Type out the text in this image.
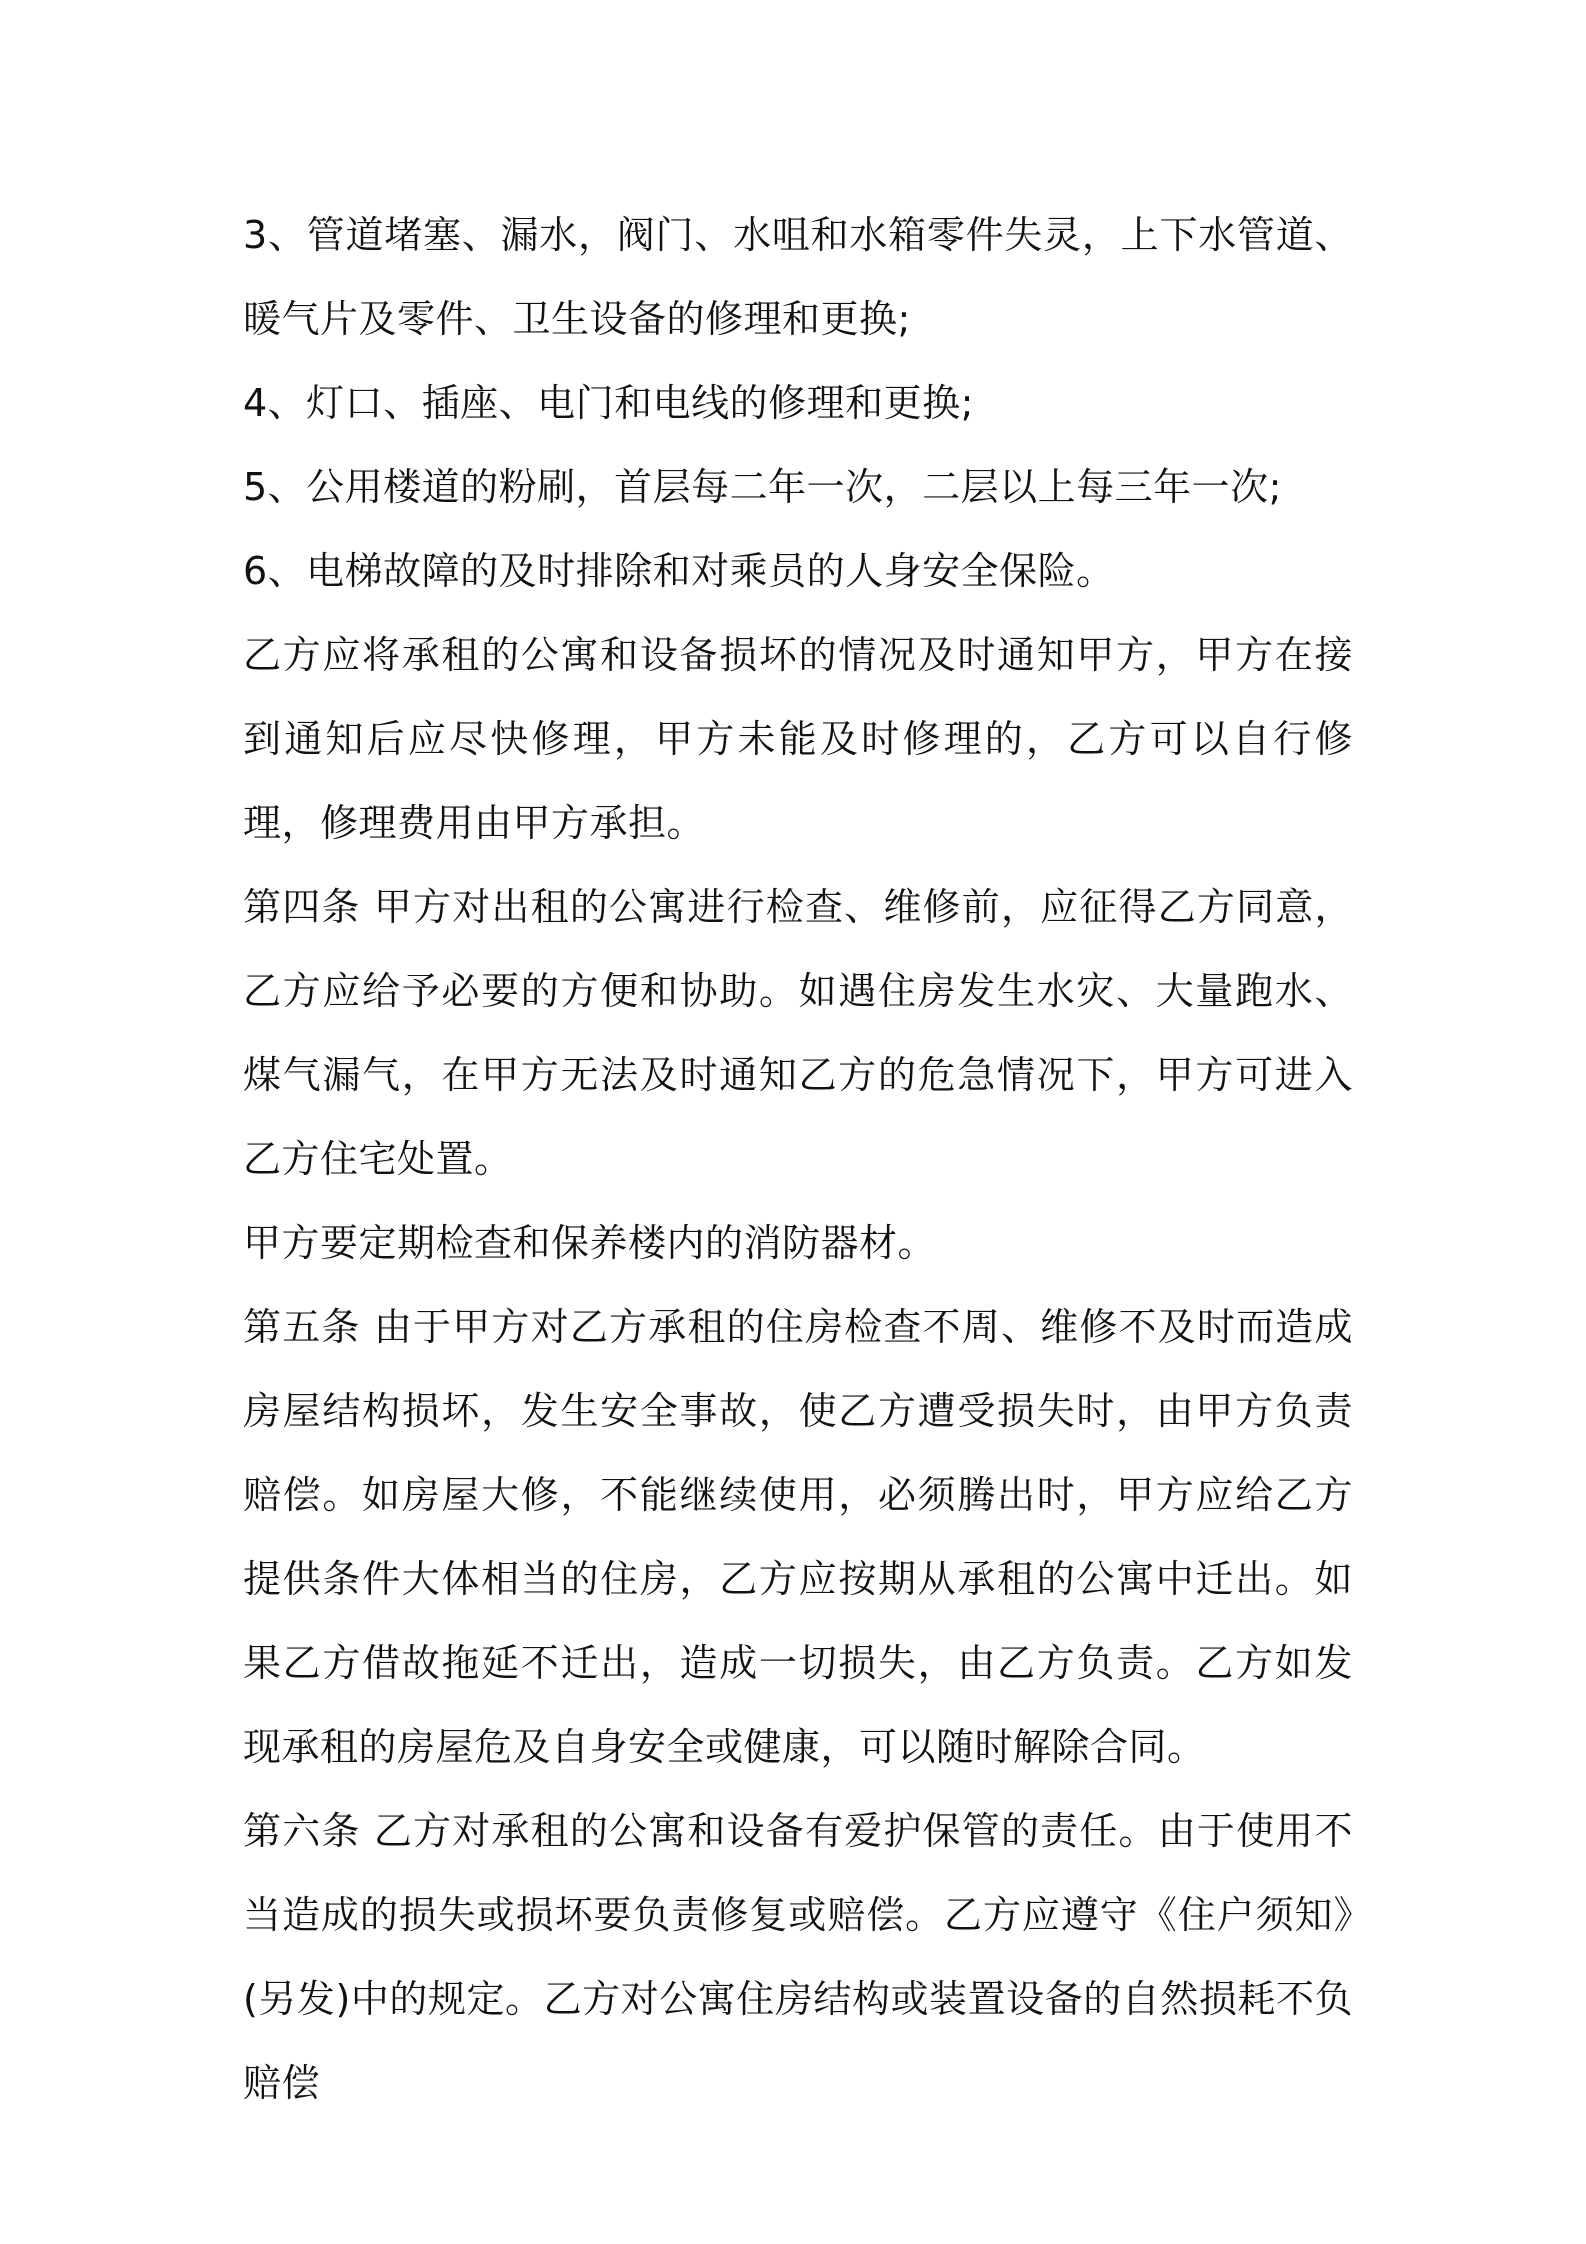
3、管道堵塞、漏水，阀门、水咀和水箱零件失灵，上下水管道、暖气片及零件、卫生设备的修理和更换;

4、灯口、插座、电门和电线的修理和更换;

5、公用楼道的粉刷，首层每二年一次，二层以上每三年一次;

6、电梯故障的及时排除和对乘员的人身安全保险。

乙方应将承租的公寓和设备损坏的情况及时通知甲方，甲方在接到通知后应尽快修理，甲方未能及时修理的，乙方可以自行修理，修理费用由甲方承担。

第四条 甲方对出租的公寓进行检查、维修前，应征得乙方同意，乙方应给予必要的方便和协助。如遇住房发生水灾、大量跑水、煤气漏气，在甲方无法及时通知乙方的危急情况下，甲方可进入乙方住宅处置。

甲方要定期检查和保养楼内的消防器材。

第五条 由于甲方对乙方承租的住房检查不周、维修不及时而造成房屋结构损坏，发生安全事故，使乙方遭受损失时，由甲方负责赔偿。如房屋大修，不能继续使用，必须腾出时，甲方应给乙方提供条件大体相当的住房，乙方应按期从承租的公寓中迁出。如果乙方借故拖延不迁出，造成一切损失，由乙方负责。乙方如发现承租的房屋危及自身安全或健康，可以随时解除合同。

第六条 乙方对承租的公寓和设备有爱护保管的责任。由于使用不当造成的损失或损坏要负责修复或赔偿。乙方应遵守《住户须知》(另发)中的规定。乙方对公寓住房结构或装置设备的自然损耗不负赔偿
